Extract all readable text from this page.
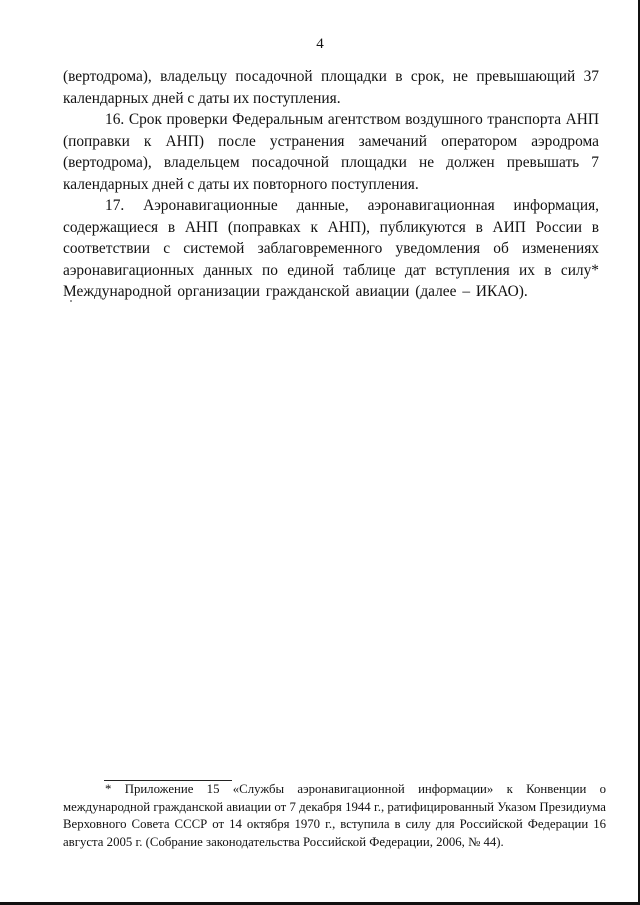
4

(вертодрома), владельцу посадочной площадки в срок, не превышающий 37 календарных дней с даты их поступления.

16. Срок проверки Федеральным агентством воздушного транспорта АНП (поправки к АНП) после устранения замечаний оператором аэродрома (вертодрома), владельцем посадочной площадки не должен превышать 7 календарных дней с даты их повторного поступления.

17. Аэронавигационные данные, аэронавигационная информация, содержащиеся в АНП (поправках к АНП), публикуются в АИП России в соответствии с системой заблаговременного уведомления об изменениях аэронавигационных данных по единой таблице дат вступления их в силу* Международной организации гражданской авиации (далее – ИКАО).

* Приложение 15 «Службы аэронавигационной информации» к Конвенции о международной гражданской авиации от 7 декабря 1944 г., ратифицированный Указом Президиума Верховного Совета СССР от 14 октября 1970 г., вступила в силу для Российской Федерации 16 августа 2005 г. (Собрание законодательства Российской Федерации, 2006, № 44).
